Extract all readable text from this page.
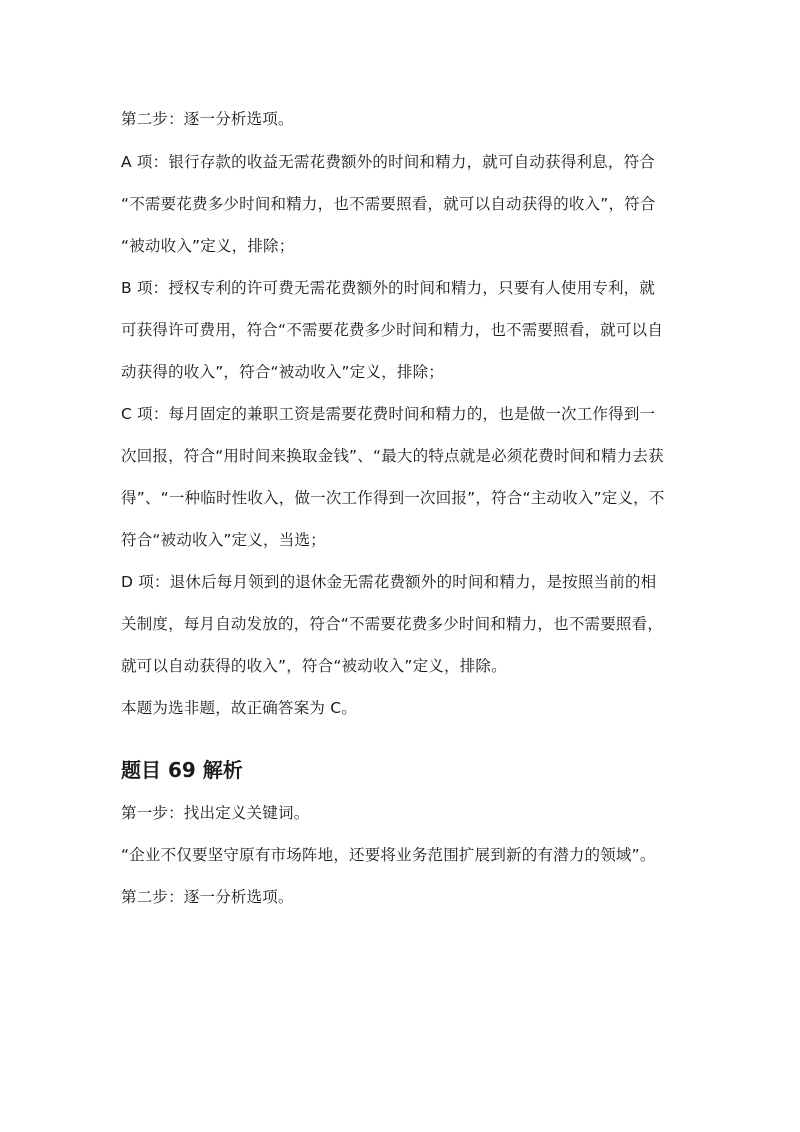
第二步：逐一分析选项。
A 项：银行存款的收益无需花费额外的时间和精力，就可自动获得利息，符合
“不需要花费多少时间和精力，也不需要照看，就可以自动获得的收入”，符合
“被动收入”定义，排除；
B 项：授权专利的许可费无需花费额外的时间和精力，只要有人使用专利，就
可获得许可费用，符合“不需要花费多少时间和精力，也不需要照看，就可以自
动获得的收入”，符合“被动收入”定义，排除；
C 项：每月固定的兼职工资是需要花费时间和精力的，也是做一次工作得到一
次回报，符合“用时间来换取金钱”、“最大的特点就是必须花费时间和精力去获
得”、“一种临时性收入，做一次工作得到一次回报”，符合“主动收入”定义，不
符合“被动收入”定义，当选；
D 项：退休后每月领到的退休金无需花费额外的时间和精力，是按照当前的相
关制度，每月自动发放的，符合“不需要花费多少时间和精力，也不需要照看，
就可以自动获得的收入”，符合“被动收入”定义，排除。
本题为选非题，故正确答案为 C。
题目 69 解析
第一步：找出定义关键词。
“企业不仅要坚守原有市场阵地，还要将业务范围扩展到新的有潜力的领域”。
第二步：逐一分析选项。
